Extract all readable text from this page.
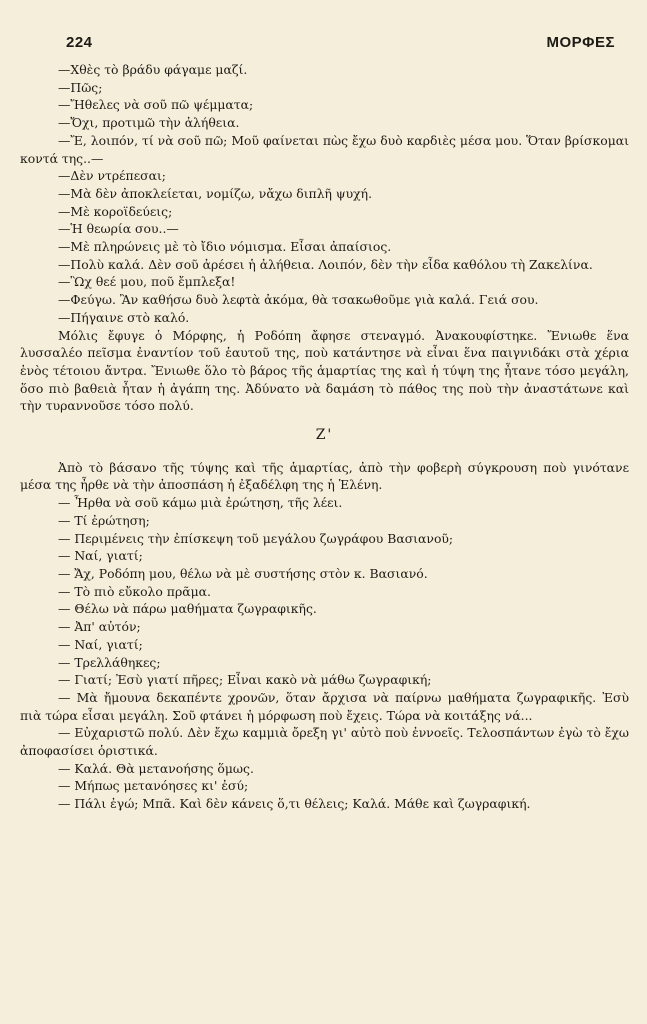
224	ΜΟΡΦΕΣ

—Χθὲς τὸ βράδυ φάγαμε μαζί.

—Πῶς;

—Ἤθελες νὰ σοῦ πῶ ψέμματα;

—Ὄχι, προτιμῶ τὴν ἀλήθεια.

—Ἔ, λοιπόν, τί νὰ σοῦ πῶ; Μοῦ φαίνεται πὼς ἔχω δυὸ καρδιὲς μέσα μου. Ὅταν βρίσκομαι κοντά της..—

—Δὲν ντρέπεσαι;

—Μὰ δὲν ἀποκλείεται, νομίζω, νἄχω διπλῆ ψυχή.

—Μὲ κοροϊδεύεις;

—Ἡ θεωρία σου..—

—Μὲ πληρώνεις μὲ τὸ ἴδιο νόμισμα. Εἶσαι ἀπαίσιος.

—Πολὺ καλά. Δὲν σοῦ ἀρέσει ἡ ἀλήθεια. Λοιπόν, δὲν τὴν εἶδα καθόλου τὴ Ζακελίνα.

—Ὢχ θεέ μου, ποῦ ἔμπλεξα!

—Φεύγω. Ἂν καθήσω δυὸ λεφτὰ ἀκόμα, θὰ τσακωθοῦμε γιὰ καλά. Γειά σου.

—Πήγαινε στὸ καλό.

Μόλις ἔφυγε ὁ Μόρφης, ἡ Ροδόπη ἄφησε στεναγμό. Ἀνακουφίστηκε. Ἔνιωθε ἕνα λυσσαλέο πεῖσμα ἐναντίον τοῦ ἑαυτοῦ της, ποὺ κατάντησε νὰ εἶναι ἕνα παιγνιδάκι στὰ χέρια ἑνὸς τέτοιου ἄντρα. Ἔνιωθε ὅλο τὸ βάρος τῆς ἁμαρτίας της καὶ ἡ τύψη της ἦτανε τόσο μεγάλη, ὅσο πιὸ βαθειὰ ἦταν ἡ ἀγάπη της. Ἀδύνατο νὰ δαμάση τὸ πάθος της ποὺ τὴν ἀναστάτωνε καὶ τὴν τυραννοῦσε τόσο πολύ.

Ζ'

Ἀπὸ τὸ βάσανο τῆς τύψης καὶ τῆς ἁμαρτίας, ἀπὸ τὴν φοβερὴ σύγκρουση ποὺ γινότανε μέσα της ἦρθε νὰ τὴν ἀποσπάση ἡ ἐξαδέλφη της ἡ Ἑλένη.

— Ἦρθα νὰ σοῦ κάμω μιὰ ἐρώτηση, τῆς λέει.

— Τί ἐρώτηση;

— Περιμένεις τὴν ἐπίσκεψη τοῦ μεγάλου ζωγράφου Βασιανοῦ;

— Ναί, γιατί;

— Ἄχ, Ροδόπη μου, θέλω νὰ μὲ συστήσης στὸν κ. Βασιανό.

— Τὸ πιὸ εὔκολο πρᾶμα.

— Θέλω νὰ πάρω μαθήματα ζωγραφικῆς.

— Ἀπ' αὐτόν;

— Ναί, γιατί;

— Τρελλάθηκες;

— Γιατί; Ἐσὺ γιατί πῆρες; Εἶναι κακὸ νὰ μάθω ζωγραφική;

— Μὰ ἤμουνα δεκαπέντε χρονῶν, ὅταν ἄρχισα νὰ παίρνω μαθήματα ζωγραφικῆς. Ἐσὺ πιὰ τώρα εἶσαι μεγάλη. Σοῦ φτάνει ἡ μόρφωση ποὺ ἔχεις. Τώρα νὰ κοιτάξης νά...

— Εὐχαριστῶ πολύ. Δὲν ἔχω καμμιὰ ὄρεξη γι' αὐτὸ ποὺ ἐννοεῖς. Τελοσπάντων ἐγὼ τὸ ἔχω ἀποφασίσει ὁριστικά.

— Καλά. Θὰ μετανοήσης ὅμως.

— Μήπως μετανόησες κι' ἐσύ;

— Πάλι ἐγώ; Μπᾶ. Καὶ δὲν κάνεις ὅ,τι θέλεις; Καλά. Μάθε καὶ ζωγραφική.
